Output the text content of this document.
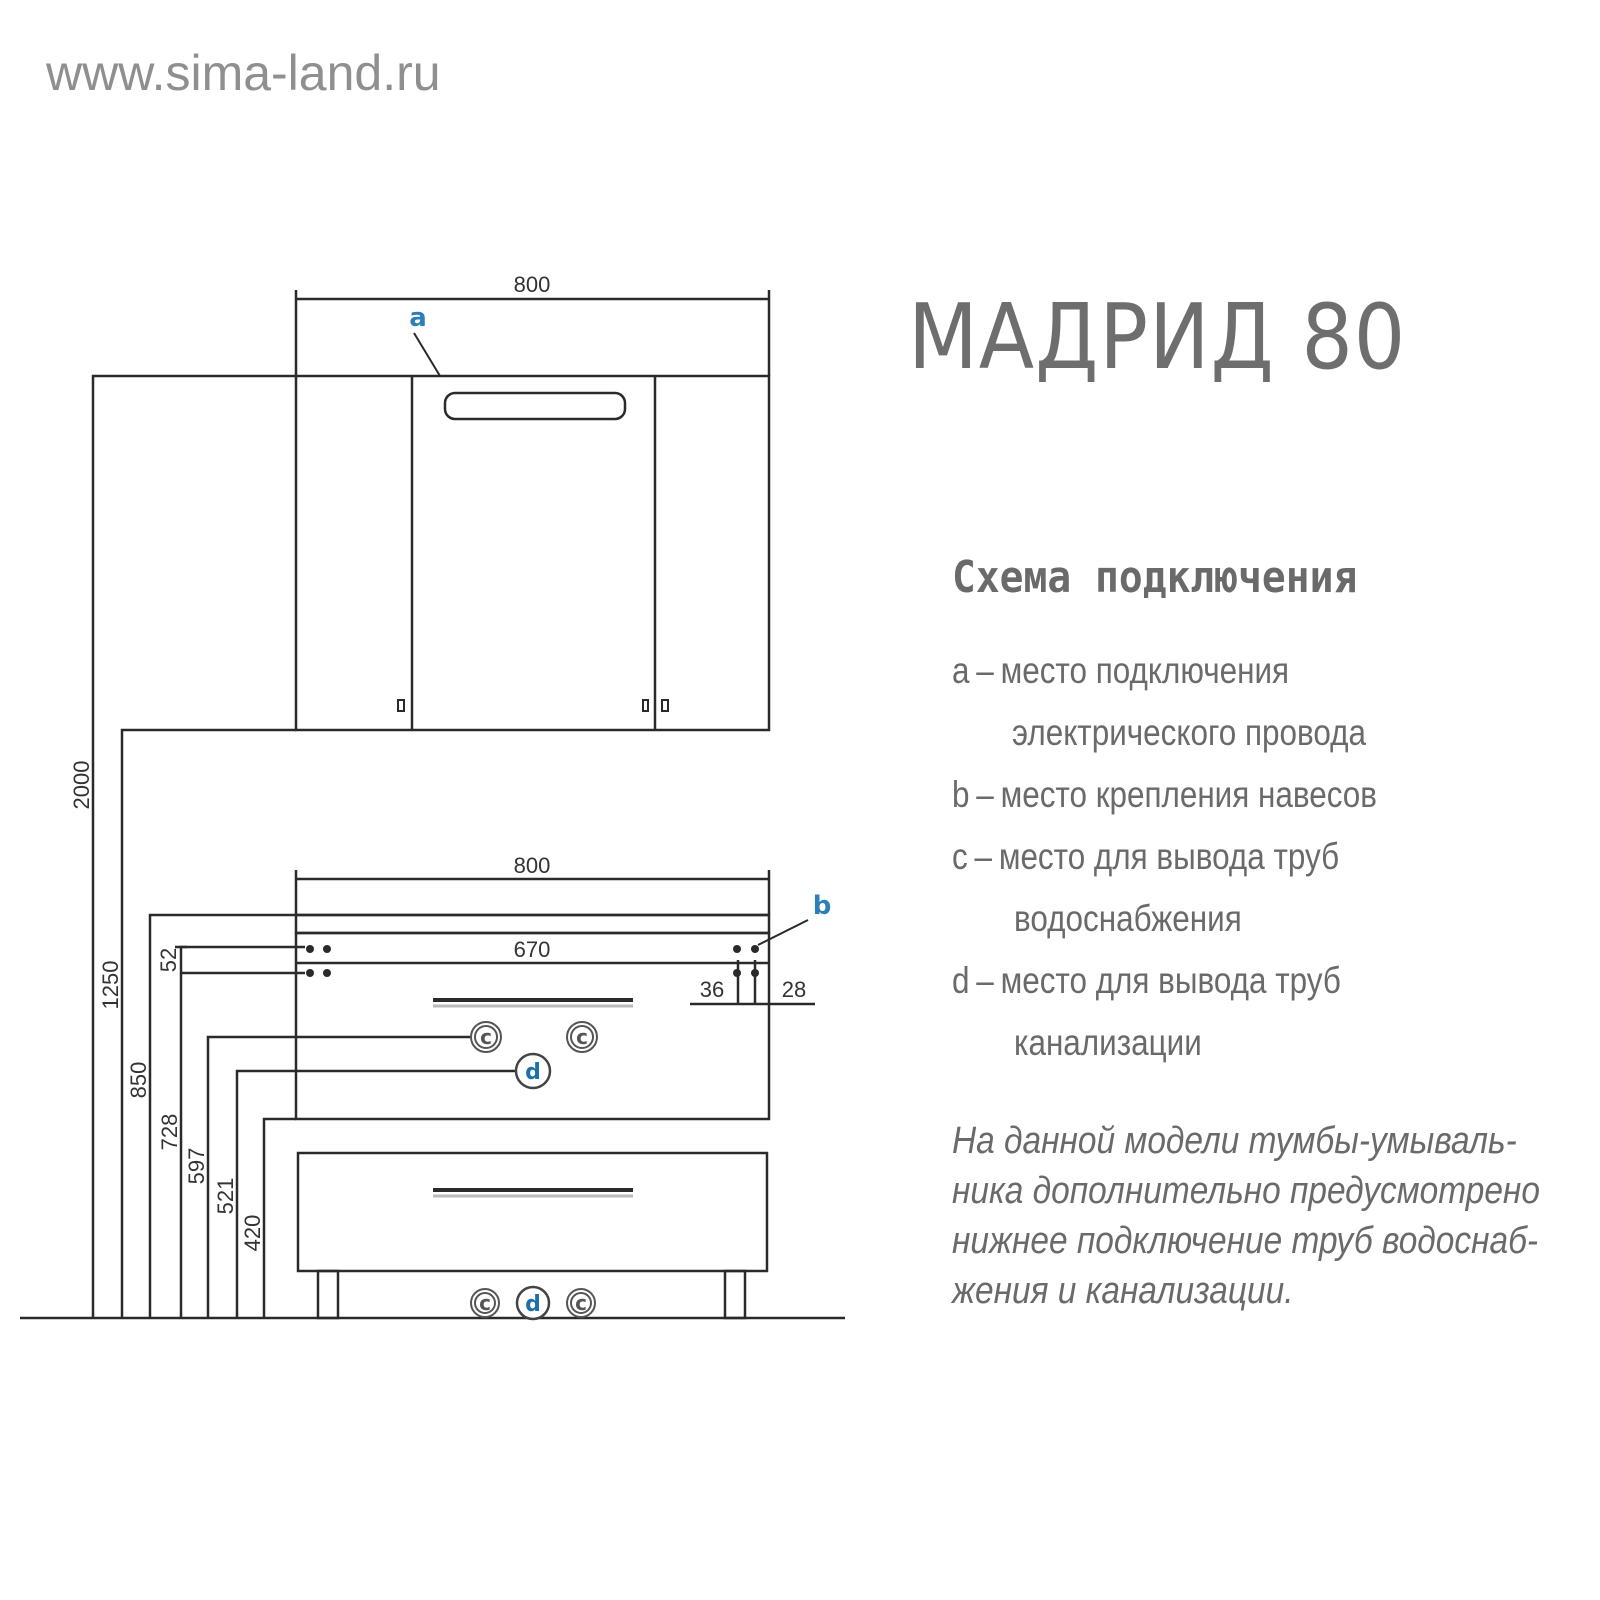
www.sima-land.ru
800
800
670
36	28
2000
1250
850
52
728
597
521
420
a
b
c	c
d
c d c
МАДРИД 80
Схема подключения
a – место подключения
электрического провода
b – место крепления навесов
c – место для вывода труб
водоснабжения
d – место для вывода труб
канализации
На данной модели тумбы-умываль-
ника дополнительно предусмотрено
нижнее подключение труб водоснаб-
жения и канализации.
